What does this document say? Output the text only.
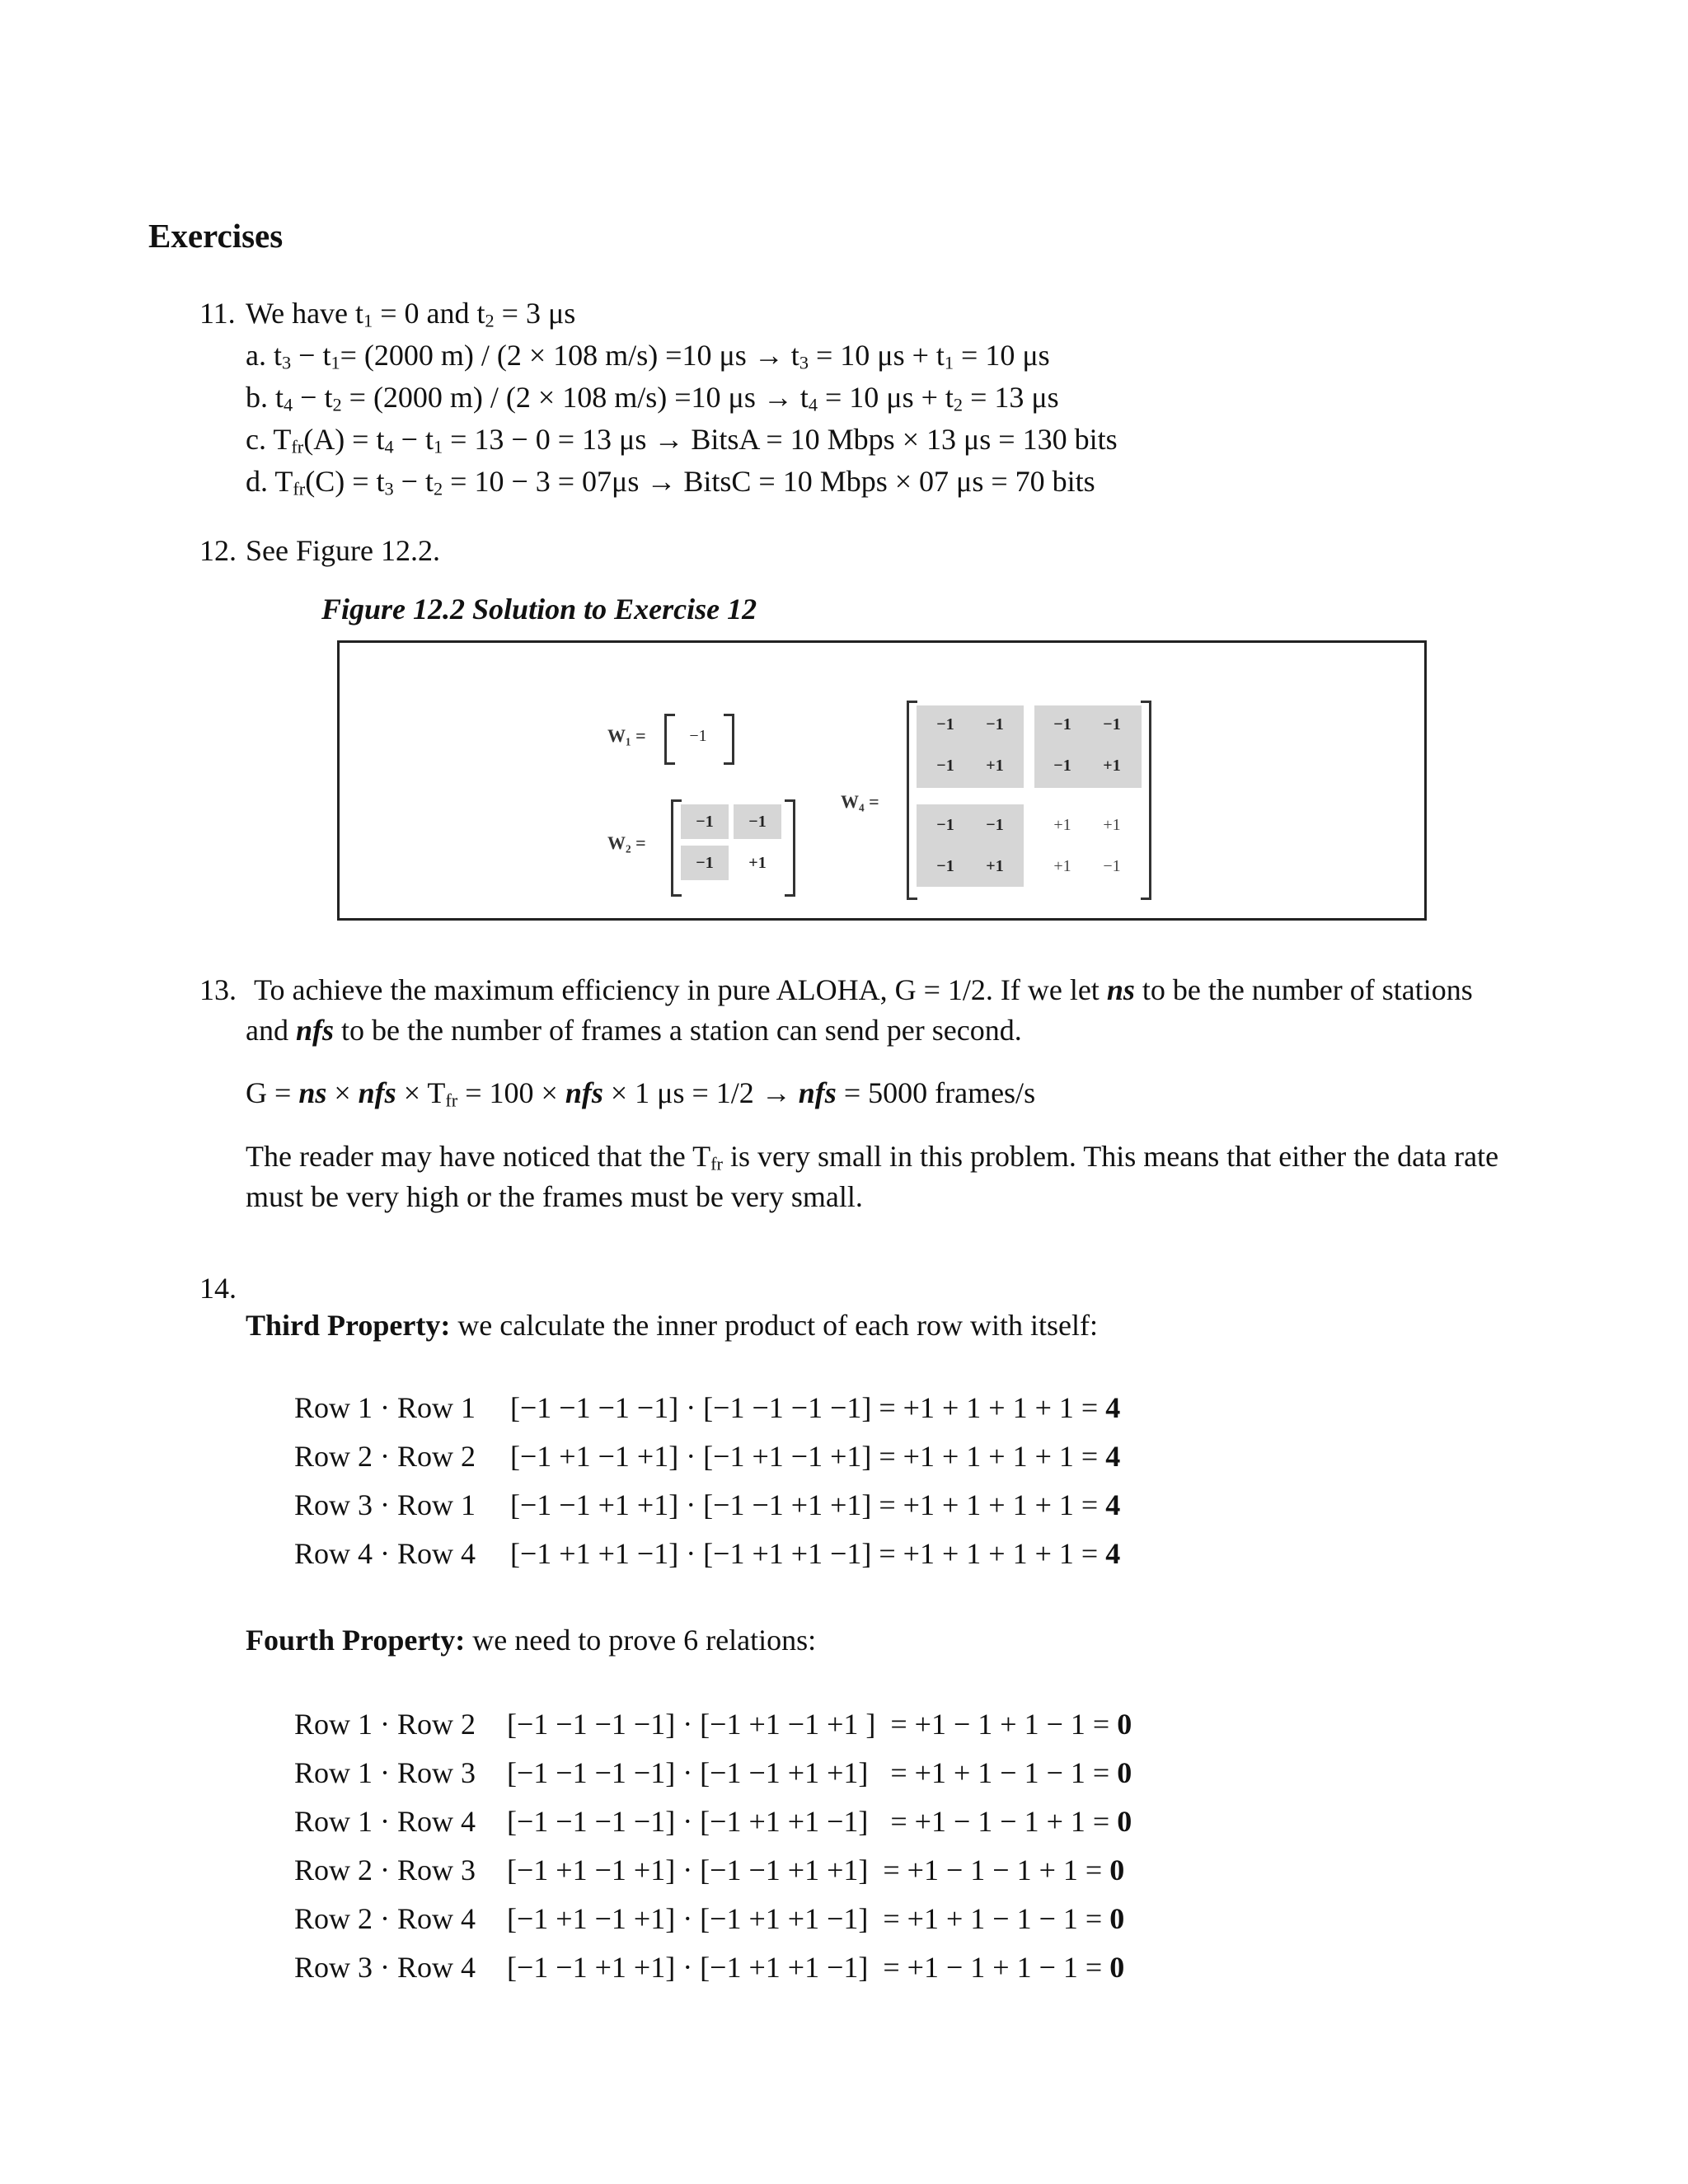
Exercises
11. We have $t_1 = 0$ and $t_2 = 3$ μs
a. $t_3 - t_1= (2000$ m) / (2 × 108 m/s) =10 $\mu s \to t_3 = 10$ $\mu s + t_1 = 10$ μs
b. $t_4 - t_2 = (2000$ m) / (2 × 108 m/s) =10 $\mu s \to t_4 = 10$ $\mu s + t_2 = 13$ μs
c. $T_{fr}(A) = t_4 - t_1 = 13 - 0 = 13$ μs → BitsA = 10 Mbps × 13 μs = 130 bits
d. $T_{fr}(C) = t_3 - t_2 = 10 - 3 = 07\mu s$ → BitsC = 10 Mbps × 07 μs = 70 bits
12. See Figure 12.2.
Figure 12.2 Solution to Exercise 12
W₁ =	−1
W₂ =
−1	−1
−1	+1
W₄ =
−1	−1	−1	−1
−1	+1	−1	+1
−1	−1	+1	+1
−1	+1	+1	−1
13. To achieve the maximum efficiency in pure ALOHA, G = 1/2. If we let ns to be the number of stations
and nfs to be the number of frames a station can send per second.
G = ns × nfs × $T_{fr} = 100$ × nfs × 1 μs = 1/2 → nfs = 5000 frames/s
The reader may have noticed that the $T_{fr}$ is very small in this problem. This means that either the data rate
must be very high or the frames must be very small.
14.
Third Property: we calculate the inner product of each row with itself:
Row 1 · Row 1 [−1 −1 −1 −1] · [−1 −1 −1 −1] = +1 + 1 + 1 + 1 = 4
Row 2 · Row 2 [−1 +1 −1 +1] · [−1 +1 −1 +1] = +1 + 1 + 1 + 1 = 4
Row 3 · Row 1 [−1 −1 +1 +1] · [−1 −1 +1 +1] = +1 + 1 + 1 + 1 = 4
Row 4 · Row 4 [−1 +1 +1 −1] · [−1 +1 +1 −1] = +1 + 1 + 1 + 1 = 4
Fourth Property: we need to prove 6 relations:
Row 1 · Row 2 [−1 −1 −1 −1] · [−1 +1 −1 +1 ]  = +1 − 1 + 1 − 1 = 0
Row 1 · Row 3 [−1 −1 −1 −1] · [−1 −1 +1 +1]   = +1 + 1 − 1 − 1 = 0
Row 1 · Row 4 [−1 −1 −1 −1] · [−1 +1 +1 −1]   = +1 − 1 − 1 + 1 = 0
Row 2 · Row 3 [−1 +1 −1 +1] · [−1 −1 +1 +1]  = +1 − 1 − 1 + 1 = 0
Row 2 · Row 4 [−1 +1 −1 +1] · [−1 +1 +1 −1]  = +1 + 1 − 1 − 1 = 0
Row 3 · Row 4 [−1 −1 +1 +1] · [−1 +1 +1 −1]  = +1 − 1 + 1 − 1 = 0
